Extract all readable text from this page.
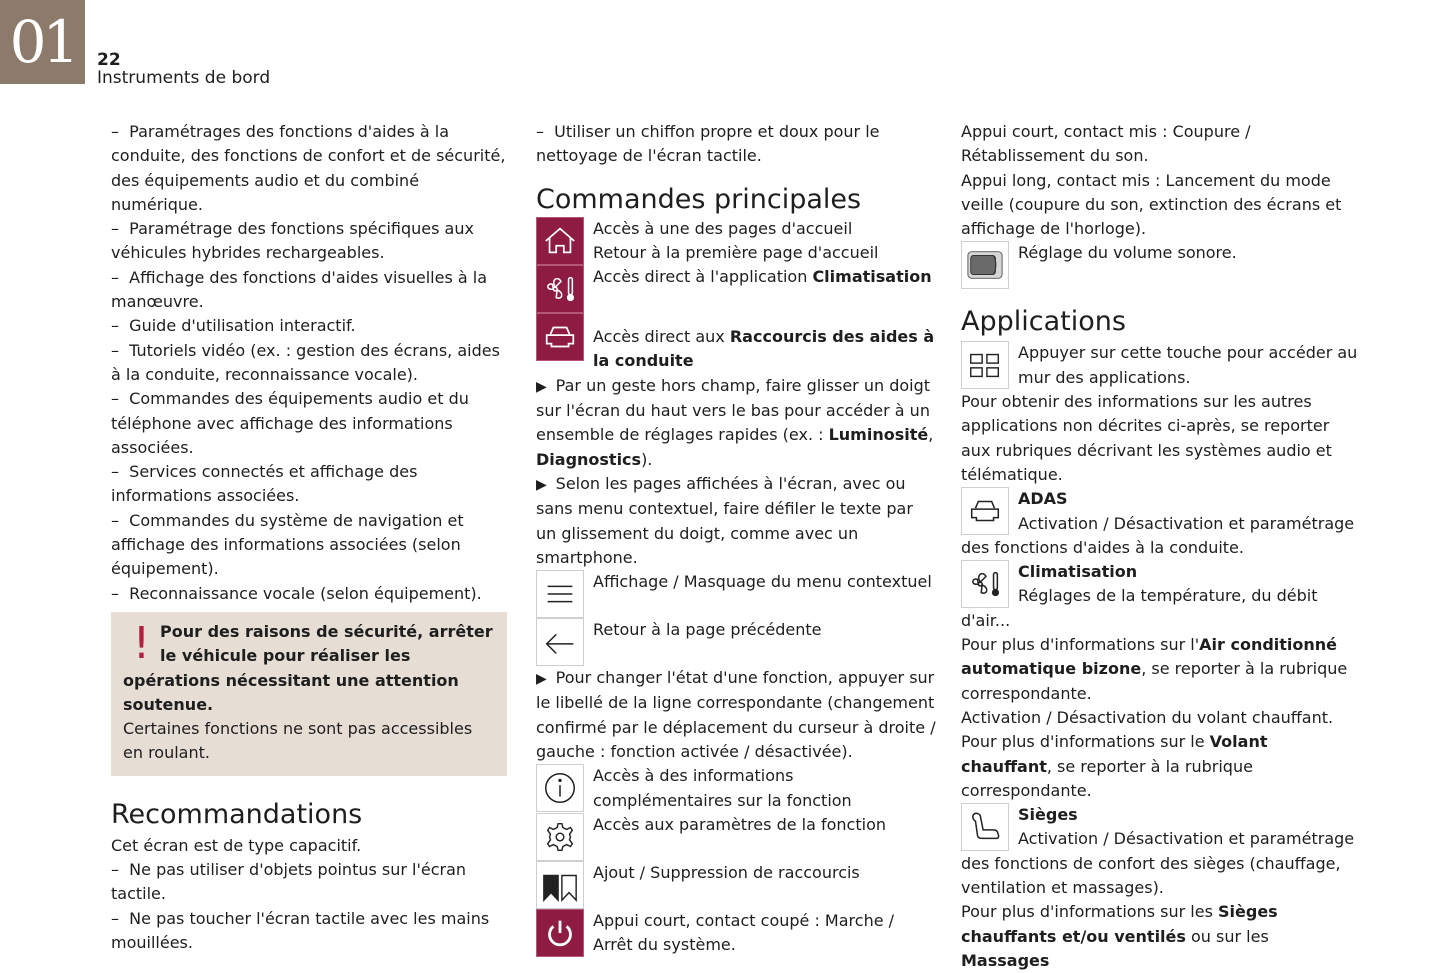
01	22
Instruments de bord

–  Paramétrages des fonctions d'aides à la conduite, des fonctions de confort et de sécurité, des équipements audio et du combiné numérique.

–  Paramétrage des fonctions spécifiques aux véhicules hybrides rechargeables.

–  Affichage des fonctions d'aides visuelles à la manœuvre.

–  Guide d'utilisation interactif.

–  Tutoriels vidéo (ex. : gestion des écrans, aides à la conduite, reconnaissance vocale).

–  Commandes des équipements audio et du téléphone avec affichage des informations associées.

–  Services connectés et affichage des informations associées.

–  Commandes du système de navigation et affichage des informations associées (selon équipement).

–  Reconnaissance vocale (selon équipement).

! Pour des raisons de sécurité, arrêter le véhicule pour réaliser les opérations nécessitant une attention soutenue.
Certaines fonctions ne sont pas accessibles en roulant.
Recommandations

Cet écran est de type capacitif.

–  Ne pas utiliser d'objets pointus sur l'écran tactile.

–  Ne pas toucher l'écran tactile avec les mains mouillées.

–  Utiliser un chiffon propre et doux pour le nettoyage de l'écran tactile.

Commandes principales
Accès à une des pages d'accueil
Retour à la première page d'accueil
Accès direct à l'application Climatisation
Accès direct aux Raccourcis des aides à la conduite

▶  Par un geste hors champ, faire glisser un doigt sur l'écran du haut vers le bas pour accéder à un ensemble de réglages rapides (ex. : Luminosité, Diagnostics).

▶  Selon les pages affichées à l'écran, avec ou sans menu contextuel, faire défiler le texte par un glissement du doigt, comme avec un smartphone.

Affichage / Masquage du menu contextuel
Retour à la page précédente

▶  Pour changer l'état d'une fonction, appuyer sur le libellé de la ligne correspondante (changement confirmé par le déplacement du curseur à droite / gauche : fonction activée / désactivée).

Accès à des informations complémentaires sur la fonction
Accès aux paramètres de la fonction
Ajout / Suppression de raccourcis
Appui court, contact coupé : Marche / Arrêt du système.

Appui court, contact mis : Coupure / Rétablissement du son.

Appui long, contact mis : Lancement du mode veille (coupure du son, extinction des écrans et affichage de l'horloge).

Réglage du volume sonore.
Applications
Appuyer sur cette touche pour accéder au mur des applications.

Pour obtenir des informations sur les autres applications non décrites ci-après, se reporter aux rubriques décrivant les systèmes audio et télématique.

ADAS
Activation / Désactivation et paramétrage des fonctions d'aides à la conduite.
Climatisation
Réglages de la température, du débit d'air...

Pour plus d'informations sur l'Air conditionné automatique bizone, se reporter à la rubrique correspondante.

Activation / Désactivation du volant chauffant.

Pour plus d'informations sur le Volant chauffant, se reporter à la rubrique correspondante.

Sièges
Activation / Désactivation et paramétrage des fonctions de confort des sièges (chauffage, ventilation et massages).

Pour plus d'informations sur les Sièges chauffants et/ou ventilés ou sur les Massages
